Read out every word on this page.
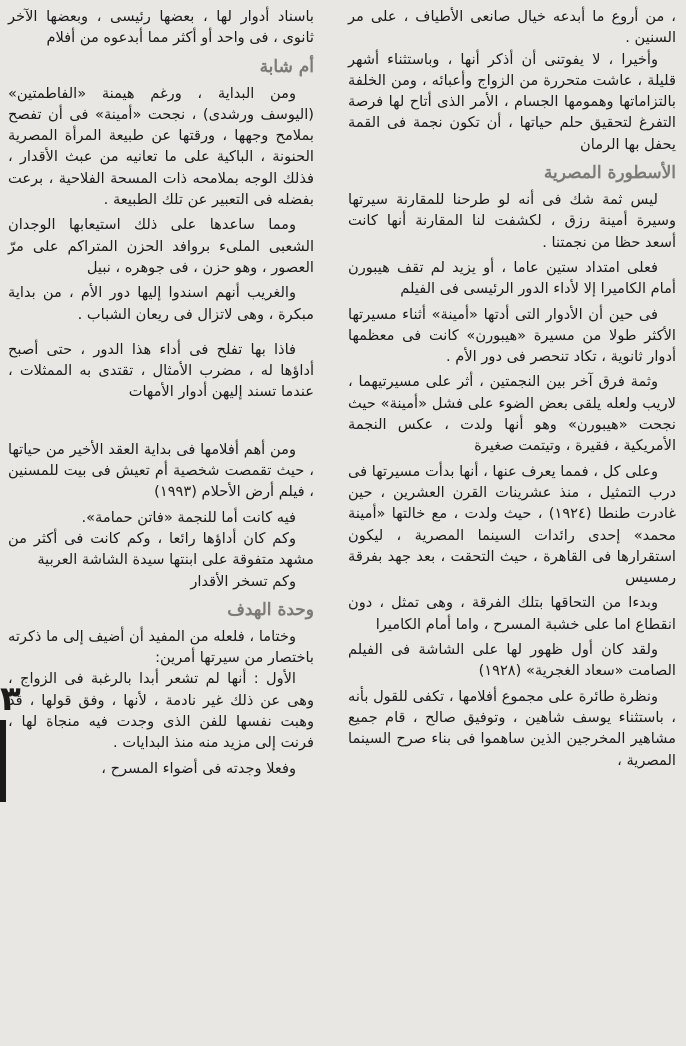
، من أروع ما أبدعه خيال صانعى الأطياف ، على مر السنين .

وأخيرا ، لا يفوتنى أن أذكر أنها ، وباستثناء أشهر قليلة ، عاشت متحررة من الزواج وأعبائه ، ومن الخلفة بالتزاماتها وهمومها الجسام ، الأمر الذى أتاح لها فرصة التفرغ لتحقيق حلم حياتها ، أن تكون نجمة فى القمة يحفل بها الرمان

الأسطورة المصرية

ليس ثمة شك فى أنه لو طرحنا للمقارنة سيرتها وسيرة أمينة رزق ، لكشفت لنا المقارنة أنها كانت أسعد حظا من نجمتنا .

فعلى امتداد ستين عاما ، أو يزيد لم تقف هيبورن أمام الكاميرا إلا لأداء الدور الرئيسى فى الفيلم

فى حين أن الأدوار التى أدتها «أمينة» أثناء مسيرتها الأكثر طولا من مسيرة «هيبورن» كانت فى معظمها أدوار ثانوية ، تكاد تنحصر فى دور الأم .

وثمة فرق آخر بين النجمتين ، أثر على مسيرتيهما ، لاريب ولعله يلقى بعض الضوء على فشل «أمينة» حيث نجحت «هيبورن» وهو أنها ولدت ، عكس النجمة الأمريكية ، فقيرة ، وتيتمت صغيرة

وعلى كل ، فمما يعرف عنها ، أنها بدأت مسيرتها فى درب التمثيل ، منذ عشرينات القرن العشرين ، حين غادرت طنطا (١٩٢٤) ، حيث ولدت ، مع خالتها «أمينة محمد» إحدى رائدات السينما المصرية ، ليكون استقرارها فى القاهرة ، حيث التحقت ، بعد جهد بفرقة رمسيس

وبدءا من التحاقها بتلك الفرقة ، وهى تمثل ، دون انقطاع اما على خشبة المسرح ، واما أمام الكاميرا

ولقد كان أول ظهور لها على الشاشة فى الفيلم الصامت «سعاد الغجرية» (١٩٢٨)

ونظرة طائرة على مجموع أفلامها ، تكفى للقول بأنه ، باستثناء يوسف شاهين ، وتوفيق صالح ، قام جميع مشاهير المخرجين الذين ساهموا فى بناء صرح السينما المصرية ،

باسناد أدوار لها ، بعضها رئيسى ، وبعضها الآخر ثانوى ، فى واحد أو أكثر مما أبدعوه من أفلام

أم شابة

ومن البداية ، ورغم هيمنة «الفاطمتين» (اليوسف ورشدى) ، نجحت «أمينة» فى أن تفصح بملامح وجهها ، ورقتها عن طبيعة المرأة المصرية الحنونة ، الباكية على ما تعانيه من عبث الأقدار ، فذلك الوجه بملامحه ذات المسحة الفلاحية ، برعت بفضله فى التعبير عن تلك الطبيعة .

ومما ساعدها على ذلك استيعابها الوجدان الشعبى الملىء بروافد الحزن المتراكم على مرّ العصور ، وهو حزن ، فى جوهره ، نبيل

والغريب أنهم اسندوا إليها دور الأم ، من بداية مبكرة ، وهى لاتزال فى ريعان الشباب .

فاذا بها تفلح فى أداء هذا الدور ، حتى أصبح أداؤها له ، مضرب الأمثال ، تقتدى به الممثلات ، عندما تسند إليهن أدوار الأمهات

ومن أهم أفلامها فى بداية العقد الأخير من حياتها ، حيث تقمصت شخصية أم تعيش فى بيت للمسنين ، فيلم أرض الأحلام (١٩٩٣)

فيه كانت أما للنجمة «فاتن حمامة».

وكم كان أداؤها رائعا ، وكم كانت فى أكثر من مشهد متفوقة على ابنتها سيدة الشاشة العربية

وكم تسخر الأقدار

وحدة الهدف

وختاما ، فلعله من المفيد أن أضيف إلى ما ذكرته باختصار من سيرتها أمرين:

الأول : أنها لم تشعر أبدا بالرغبة فى الزواج ، وهى عن ذلك غير نادمة ، لأنها ، وفق قولها ، قد وهبت نفسها للفن الذى وجدت فيه منجاة لها ، فرنت إلى مزيد منه منذ البدايات .

وفعلا وجدته فى أضواء المسرح ،

٣
